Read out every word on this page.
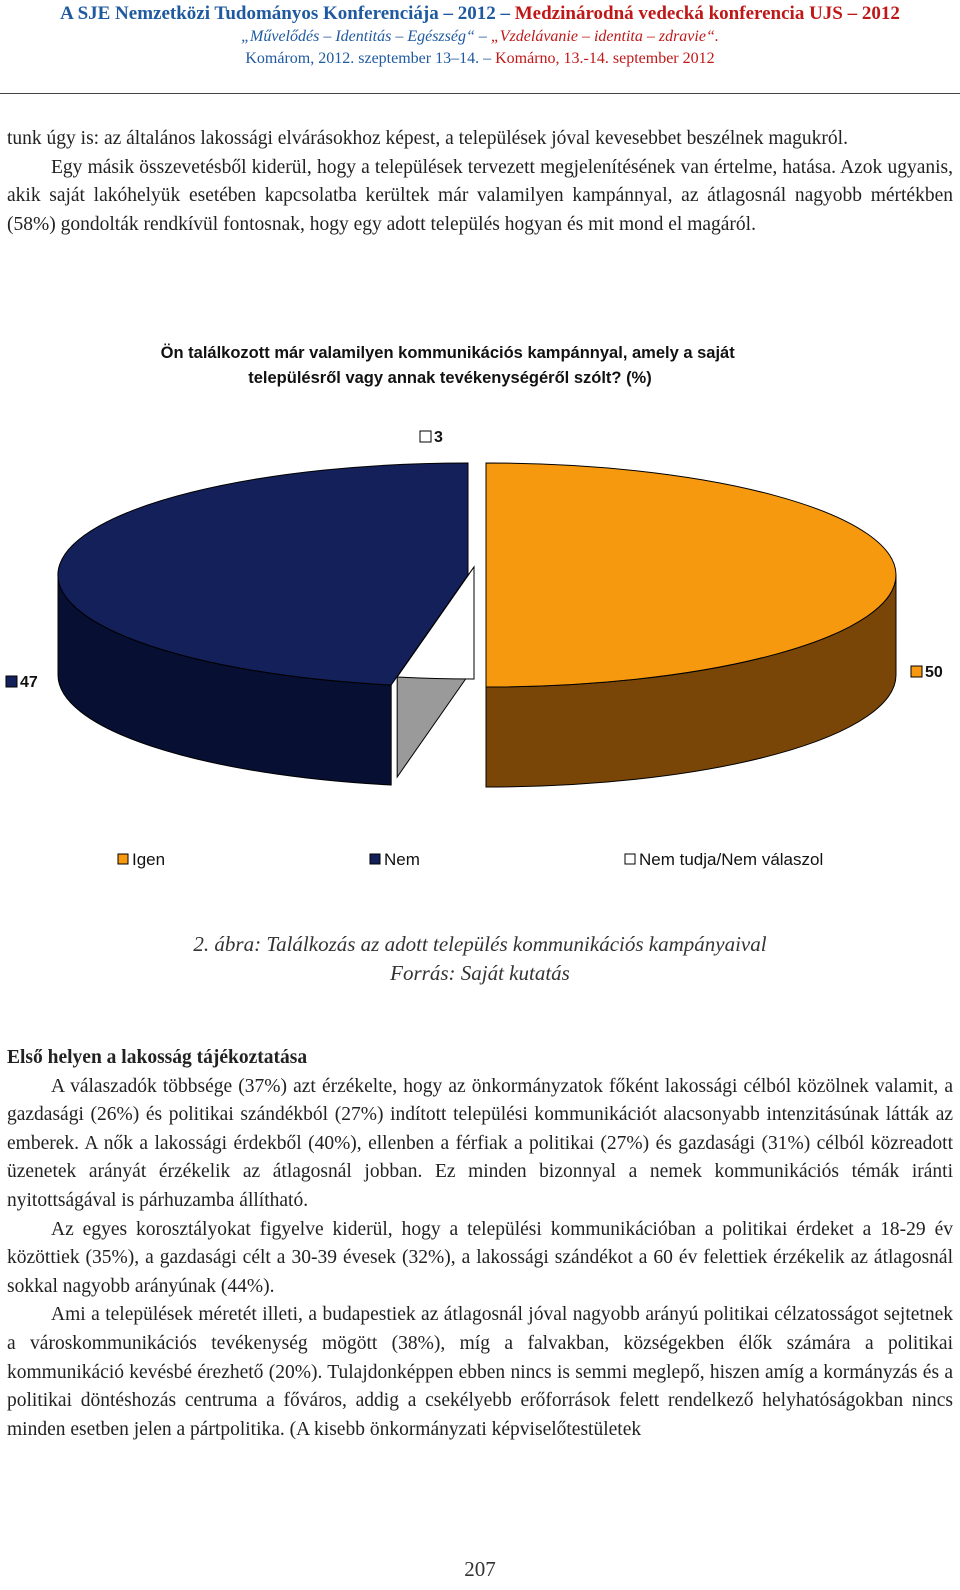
A SJE Nemzetközi Tudományos Konferenciája – 2012 – Medzinárodná vedecká konferencia UJS – 2012
„Művelődés – Identitás – Egészség“ – „Vzdelávanie – identita – zdravie“.
Komárom, 2012. szeptember 13–14. – Komárno, 13.-14. september 2012

tunk úgy is: az általános lakossági elvárásokhoz képest, a települések jóval kevesebbet beszélnek magukról.

Egy másik összevetésből kiderül, hogy a települések tervezett megjelenítésének van értelme, hatása. Azok ugyanis, akik saját lakóhelyük esetében kapcsolatba kerültek már valamilyen kampánnyal, az átlagosnál nagyobb mértékben (58%) gondolták rendkívül fontosnak, hogy egy adott település hogyan és mit mond el magáról.

Ön találkozott már valamilyen kommunikációs kampánnyal, amely a saját településről vagy annak tevékenységéről szólt? (%)
50
47
3
Igen	Nem	Nem tudja/Nem válaszol
2. ábra: Találkozás az adott település kommunikációs kampányaival
Forrás: Saját kutatás

Első helyen a lakosság tájékoztatása

A válaszadók többsége (37%) azt érzékelte, hogy az önkormányzatok főként lakossági célból közölnek valamit, a gazdasági (26%) és politikai szándékból (27%) indított települési kommunikációt alacsonyabb intenzitásúnak látták az emberek. A nők a lakossági érdekből (40%), ellenben a férfiak a politikai (27%) és gazdasági (31%) célból közreadott üzenetek arányát érzékelik az átlagosnál jobban. Ez minden bizonnyal a nemek kommunikációs témák iránti nyitottságával is párhuzamba állítható.

Az egyes korosztályokat figyelve kiderül, hogy a települési kommunikációban a politikai érdeket a 18-29 év közöttiek (35%), a gazdasági célt a 30-39 évesek (32%), a lakossági szándékot a 60 év felettiek érzékelik az átlagosnál sokkal nagyobb arányúnak (44%).

Ami a települések méretét illeti, a budapestiek az átlagosnál jóval nagyobb arányú politikai célzatosságot sejtetnek a városkommunikációs tevékenység mögött (38%), míg a falvakban, községekben élők számára a politikai kommunikáció kevésbé érezhető (20%). Tulajdonképpen ebben nincs is semmi meglepő, hiszen amíg a kormányzás és a politikai döntéshozás centruma a főváros, addig a csekélyebb erőforrások felett rendelkező helyhatóságokban nincs minden esetben jelen a pártpolitika. (A kisebb önkormányzati képviselőtestületek

207
